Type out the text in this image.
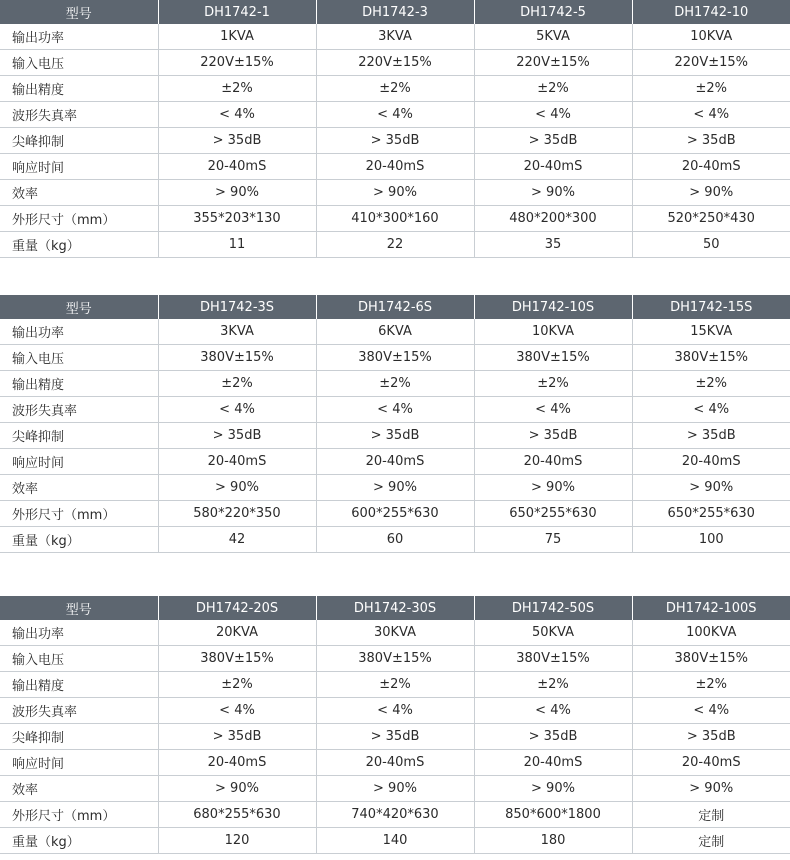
型号	DH1742-1	DH1742-3	DH1742-5	DH1742-10
输出功率	1KVA	3KVA	5KVA	10KVA
输入电压	220V±15%	220V±15%	220V±15%	220V±15%
输出精度	±2%	±2%	±2%	±2%
波形失真率	< 4%	< 4%	< 4%	< 4%
尖峰抑制	> 35dB	> 35dB	> 35dB	> 35dB
响应时间	20-40mS	20-40mS	20-40mS	20-40mS
效率	> 90%	> 90%	> 90%	> 90%
外形尺寸（mm）	355*203*130	410*300*160	480*200*300	520*250*430
重量（kg）	11	22	35	50
型号	DH1742-3S	DH1742-6S	DH1742-10S	DH1742-15S
输出功率	3KVA	6KVA	10KVA	15KVA
输入电压	380V±15%	380V±15%	380V±15%	380V±15%
输出精度	±2%	±2%	±2%	±2%
波形失真率	< 4%	< 4%	< 4%	< 4%
尖峰抑制	> 35dB	> 35dB	> 35dB	> 35dB
响应时间	20-40mS	20-40mS	20-40mS	20-40mS
效率	> 90%	> 90%	> 90%	> 90%
外形尺寸（mm）	580*220*350	600*255*630	650*255*630	650*255*630
重量（kg）	42	60	75	100
型号	DH1742-20S	DH1742-30S	DH1742-50S	DH1742-100S
输出功率	20KVA	30KVA	50KVA	100KVA
输入电压	380V±15%	380V±15%	380V±15%	380V±15%
输出精度	±2%	±2%	±2%	±2%
波形失真率	< 4%	< 4%	< 4%	< 4%
尖峰抑制	> 35dB	> 35dB	> 35dB	> 35dB
响应时间	20-40mS	20-40mS	20-40mS	20-40mS
效率	> 90%	> 90%	> 90%	> 90%
外形尺寸（mm）	680*255*630	740*420*630	850*600*1800	定制
重量（kg）	120	140	180	定制
